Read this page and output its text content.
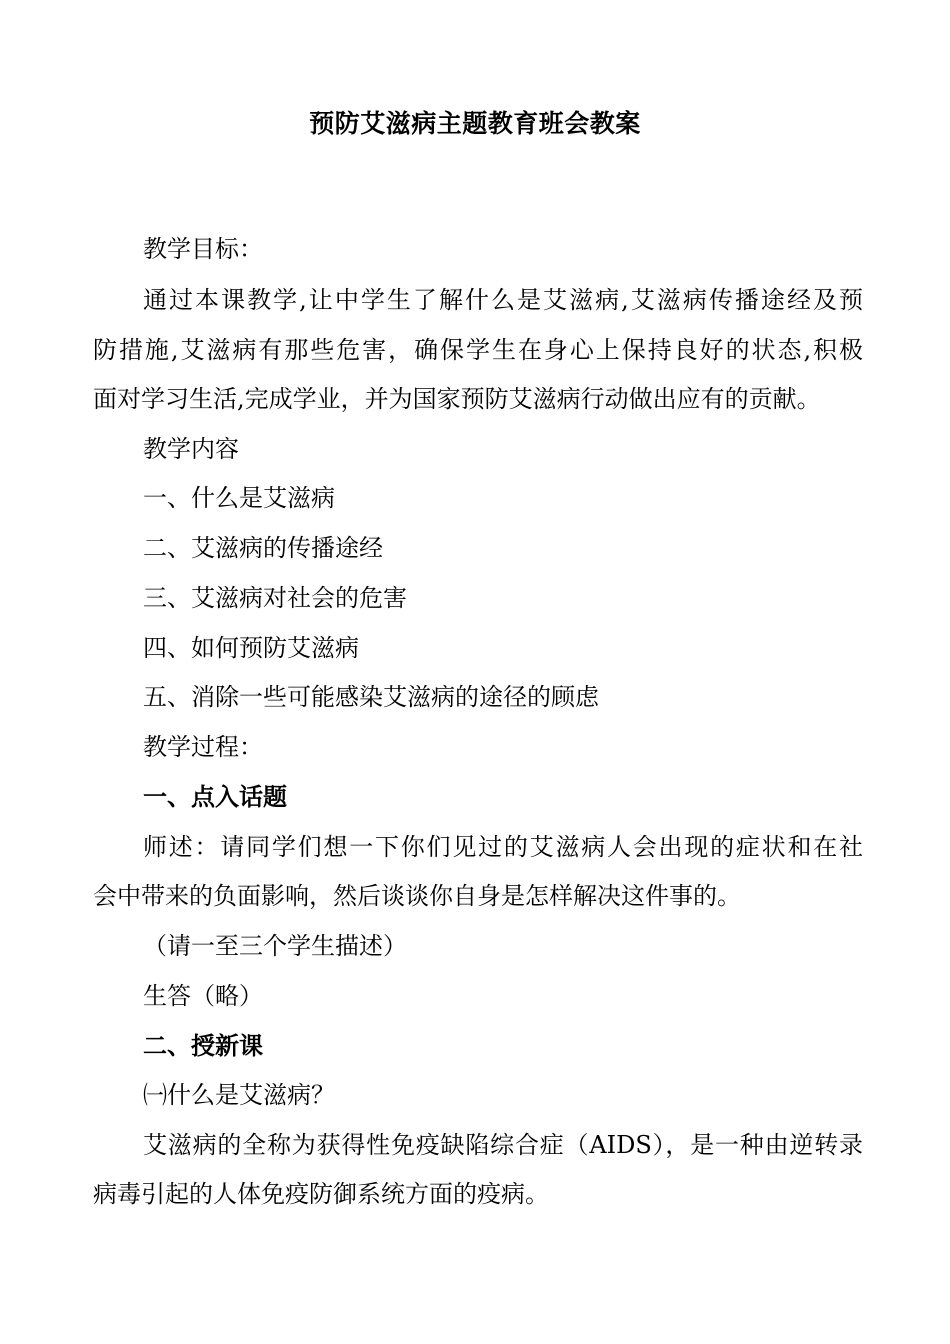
预防艾滋病主题教育班会教案
教学目标：
通过本课教学,让中学生了解什么是艾滋病,艾滋病传播途经及预
防措施,艾滋病有那些危害，确保学生在身心上保持良好的状态,积极
面对学习生活,完成学业，并为国家预防艾滋病行动做出应有的贡献。
教学内容
一、什么是艾滋病
二、艾滋病的传播途经
三、艾滋病对社会的危害
四、如何预防艾滋病
五、消除一些可能感染艾滋病的途径的顾虑
教学过程：
一、点入话题
师述：请同学们想一下你们见过的艾滋病人会出现的症状和在社
会中带来的负面影响，然后谈谈你自身是怎样解决这件事的。
（请一至三个学生描述）
生答（略）
二、授新课
㈠什么是艾滋病？
艾滋病的全称为获得性免疫缺陷综合症（AIDS），是一种由逆转录
病毒引起的人体免疫防御系统方面的疫病。
